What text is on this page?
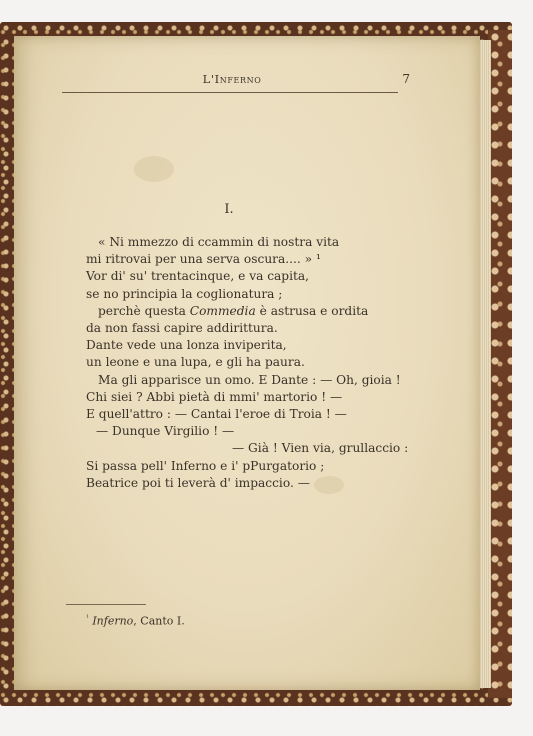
L'Inferno	7
I.
« Ni mmezzo di ccammin di nostra vita
mi ritrovai per una serva oscura.... » ¹
Vor di' su' trentacinque, e va capita,
se no principia la coglionatura ;
perchè questa Commedia è astrusa e ordita
da non fassi capire addirittura.
Dante vede una lonza inviperita,
un leone e una lupa, e gli ha paura.
Ma gli apparisce un omo. E Dante : — Oh, gioia !
Chi siei ? Abbi pietà di mmi' martorio ! —
E quell'attro : — Cantai l'eroe di Troia ! —
— Dunque Virgilio ! —
— Già ! Vien via, grullaccio :
Si passa pell' Inferno e i' pPurgatorio ;
Beatrice poi ti leverà d' impaccio. —
$^{^1}$ Inferno, Canto I.
